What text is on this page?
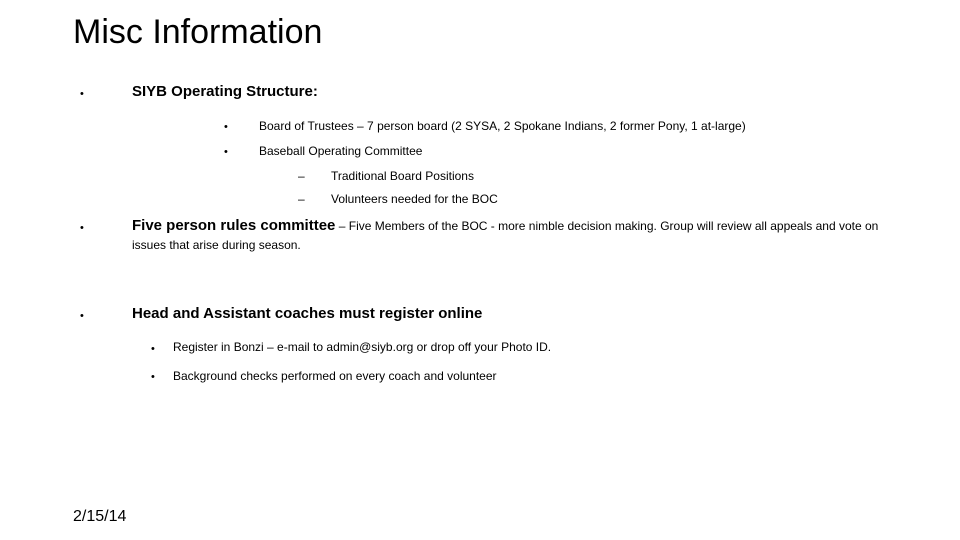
Misc Information
•	SIYB Operating Structure:
•	Board of Trustees – 7 person board (2 SYSA, 2 Spokane Indians, 2 former Pony, 1 at-large)
•	Baseball Operating Committee
– Traditional Board Positions
– Volunteers needed for the BOC
•	Five person rules committee – Five Members of the BOC - more nimble decision making. Group will review all appeals and vote on issues that arise during season.
•	Head and Assistant coaches must register online
• Register in Bonzi – e-mail to admin@siyb.org or drop off your Photo ID.
• Background checks performed on every coach and volunteer
2/15/14
